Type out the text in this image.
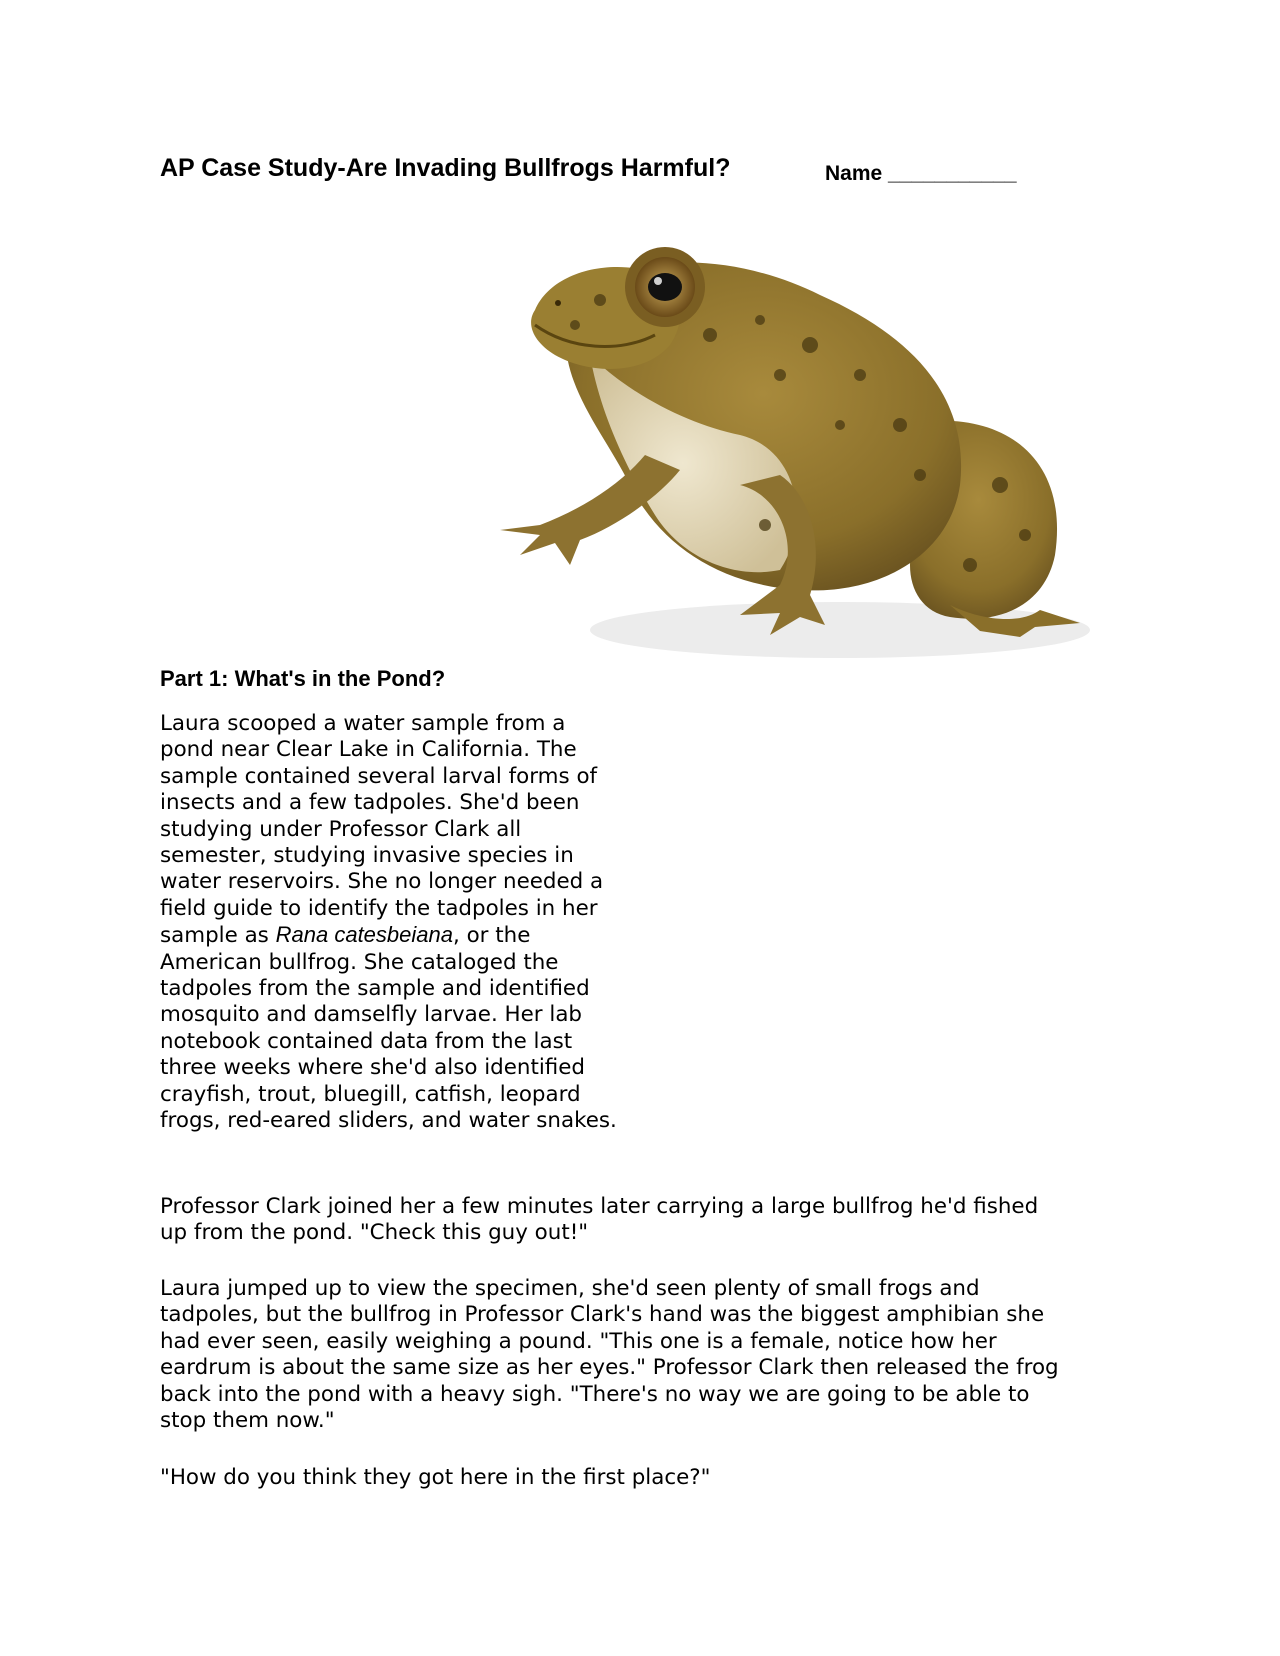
AP Case Study-Are Invading Bullfrogs Harmful?	Name ___________
Part 1: What's in the Pond?

Laura scooped a water sample from a pond near Clear Lake in California. The sample contained several larval forms of insects and a few tadpoles. She'd been studying under Professor Clark all semester, studying invasive species in water reservoirs. She no longer needed a field guide to identify the tadpoles in her sample as Rana catesbeiana, or the American bullfrog. She cataloged the tadpoles from the sample and identified mosquito and damselfly larvae. Her lab notebook contained data from the last three weeks where she'd also identified crayfish, trout, bluegill, catfish, leopard frogs, red-eared sliders, and water snakes.

Professor Clark joined her a few minutes later carrying a large bullfrog he'd fished up from the pond. "Check this guy out!"

Laura jumped up to view the specimen, she'd seen plenty of small frogs and tadpoles, but the bullfrog in Professor Clark's hand was the biggest amphibian she had ever seen, easily weighing a pound. "This one is a female, notice how her eardrum is about the same size as her eyes." Professor Clark then released the frog back into the pond with a heavy sigh. "There's no way we are going to be able to stop them now."

"How do you think they got here in the first place?"
